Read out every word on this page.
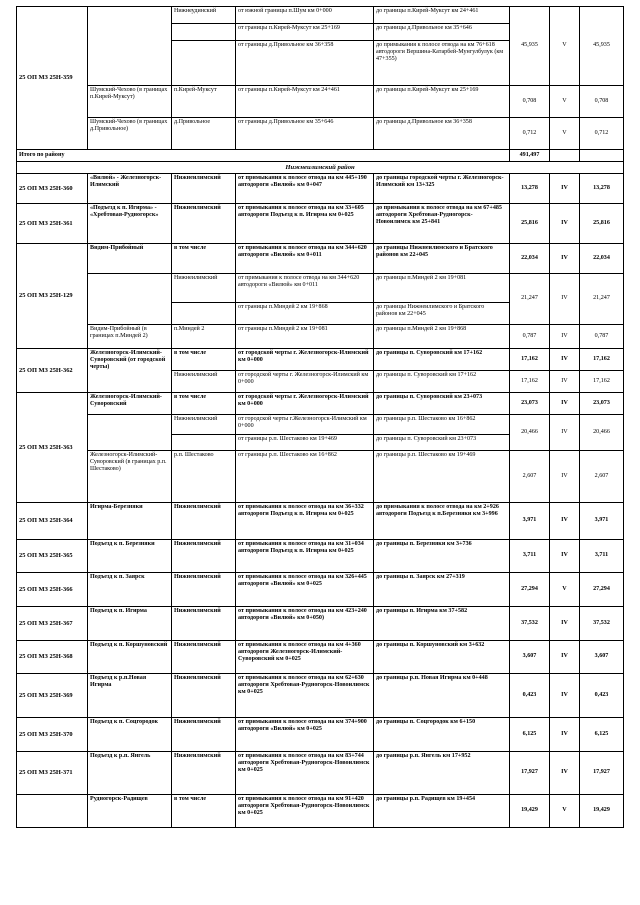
25 ОП МЗ 25Н-359		Нижнеудинский	от южной границы п.Шум км 0+000	до границы п.Кирей-Муксут км 24+461	45,935	V	45,935
			от границы п.Кирей-Муксут км 25+169	до границы д.Привольное км 35+646			
			от границы д.Привольное км 36+358	до примыкания к полосе отвода на км 76+618 автодороги Вершина-Катарбей-Мунгулбулук (км 47+355)			
	Шумский-Чехово (в границах п.Кирей-Муксут)	п.Кирей-Муксут	от границы п.Кирей-Муксут км 24+461	до границы п.Кирей-Муксут км 25+169	0,708	V	0,708
	Шумский-Чехово (в границах д.Привольное)	д.Привольное	от границы д.Привольное км 35+646	до границы д.Привольное км 36+358	0,712	V	0,712
Итого по району					491,497		
Нижнеилимский район							
25 ОП МЗ 25Н-360	«Вилюй» - Железногорск-Илимский	Нижнеилимский	от примыкания к полосе отвода на км 445+190 автодороги «Вилюй» км 0+047	до границы городской черты г. Железногорск-Илимский км 13+325	13,278	IV	13,278
25 ОП МЗ 25Н-361	«Подъезд к п. Игирма» - «Хребтовая-Рудногорск»	Нижнеилимский	от примыкания к полосе отвода на км 33+605 автодороги Подъезд к п. Игирма км 0+025	до примыкания к полосе отвода на км 67+485 автодороги Хребтовая-Рудногорск-Новоилимск км 25+841	25,816	IV	25,816
25 ОП МЗ 25Н-129	Видим-Прибойный	в том числе	от примыкания к полосе отвода на км 344+620 автодороги «Вилюй» км 0+011	до границы Нижнеилимского и Братского районов км 22+045	22,034	IV	22,034
		Нижнеилимский	от примыкания к полосе отвода на км 344+620 автодороги «Вилюй» км 0+011	до границы п.Миндей 2 км 19+081	21,247	IV	21,247
			от границы п.Миндей 2 км 19+868	до границы Нижнеилимского и Братского районов км 22+045			
	Видим-Прибойный (в границах п.Миндей 2)	п.Миндей 2	от границы п.Миндей 2 км 19+081	до границы п.Миндей 2 км 19+868	0,787	IV	0,787
25 ОП МЗ 25Н-362	Железногорск-Илимский-Суворовский (от городской черты)	в том числе	от городской черты г. Железногорск-Илимский км 0+000	до границы п. Суворовский км 17+162	17,162	IV	17,162
		Нижнеилимский	от городской черты г. Железногорск-Илимский км 0+000	до границы п. Суворовский км 17+162	17,162	IV	17,162
25 ОП МЗ 25Н-363	Железногорск-Илимский-Суворовский	в том числе	от городской черты г. Железногорск-Илимский км 0+000	до границы п. Суворовский км 23+073	23,073	IV	23,073
		Нижнеилимский	от городской черты г.Железногорск-Илимский км 0+000	до границы р.п. Шестаково км 16+862	20,466	IV	20,466
			от границы р.п. Шестаково км 19+469	до границы п. Суворовский км 23+073			
	Железногорск-Илимский-Суворовский (в границах р.п. Шестаково)	р.п. Шестаково	от границы р.п. Шестаково км 16+862	до границы р.п. Шестаково км 19+469	2,607	IV	2,607
25 ОП МЗ 25Н-364	Игирма-Березняки	Нижнеилимский	от примыкания к полосе отвода на км 36+332 автодороги Подъезд к п. Игирма км 0+025	до примыкания к полосе отвода на км 2+926 автодороги Подъезд к п.Березняки км 3+996	3,971	IV	3,971
25 ОП МЗ 25Н-365	Подъезд к п. Березняки	Нижнеилимский	от примыкания к полосе отвода на км 31+034 автодороги Подъезд к п. Игирма км 0+025	до границы п. Березняки км 3+736	3,711	IV	3,711
25 ОП МЗ 25Н-366	Подъезд к п. Заярск	Нижнеилимский	от примыкания к полосе отвода на км 326+445 автодороги «Вилюй» км 0+025	до границы п. Заярск км 27+319	27,294	V	27,294
25 ОП МЗ 25Н-367	Подъезд к п. Игирма	Нижнеилимский	от примыкания к полосе отвода на км 423+240 автодороги «Вилюй» км 0+050)	до границы п. Игирма км 37+582	37,532	IV	37,532
25 ОП МЗ 25Н-368	Подъезд к п. Коршуновский	Нижнеилимский	от примыкания к полосе отвода на км 4+360 автодороги Железногорск-Илимский-Суворовский км 0+025	до границы п. Коршуновский км 3+632	3,607	IV	3,607
25 ОП МЗ 25Н-369	Подъезд к р.п.Новая Игирма	Нижнеилимский	от примыкания к полосе отвода на км 62+630 автодороги Хребтовая-Рудногорск-Новоилимск км 0+025	до границы р.п. Новая Игирма км 0+448	0,423	IV	0,423
25 ОП МЗ 25Н-370	Подъезд к п. Соцгородок	Нижнеилимский	от примыкания к полосе отвода на км 374+900 автодороги «Вилюй» км 0+025	до границы п. Соцгородок км 6+150	6,125	IV	6,125
25 ОП МЗ 25Н-371	Подъезд к р.п. Янгель	Нижнеилимский	от примыкания к полосе отвода на км 83+744 автодороги Хребтовая-Рудногорск-Новоилимск км 0+025	до границы р.п. Янгель км 17+952	17,927	IV	17,927
	Рудногорск-Радищев	в том числе	от примыкания к полосе отвода на км 91+420 автодороги Хребтовая-Рудногорск-Новоилимск км 0+025	до границы р.п. Радищев км 19+454	19,429	V	19,429
